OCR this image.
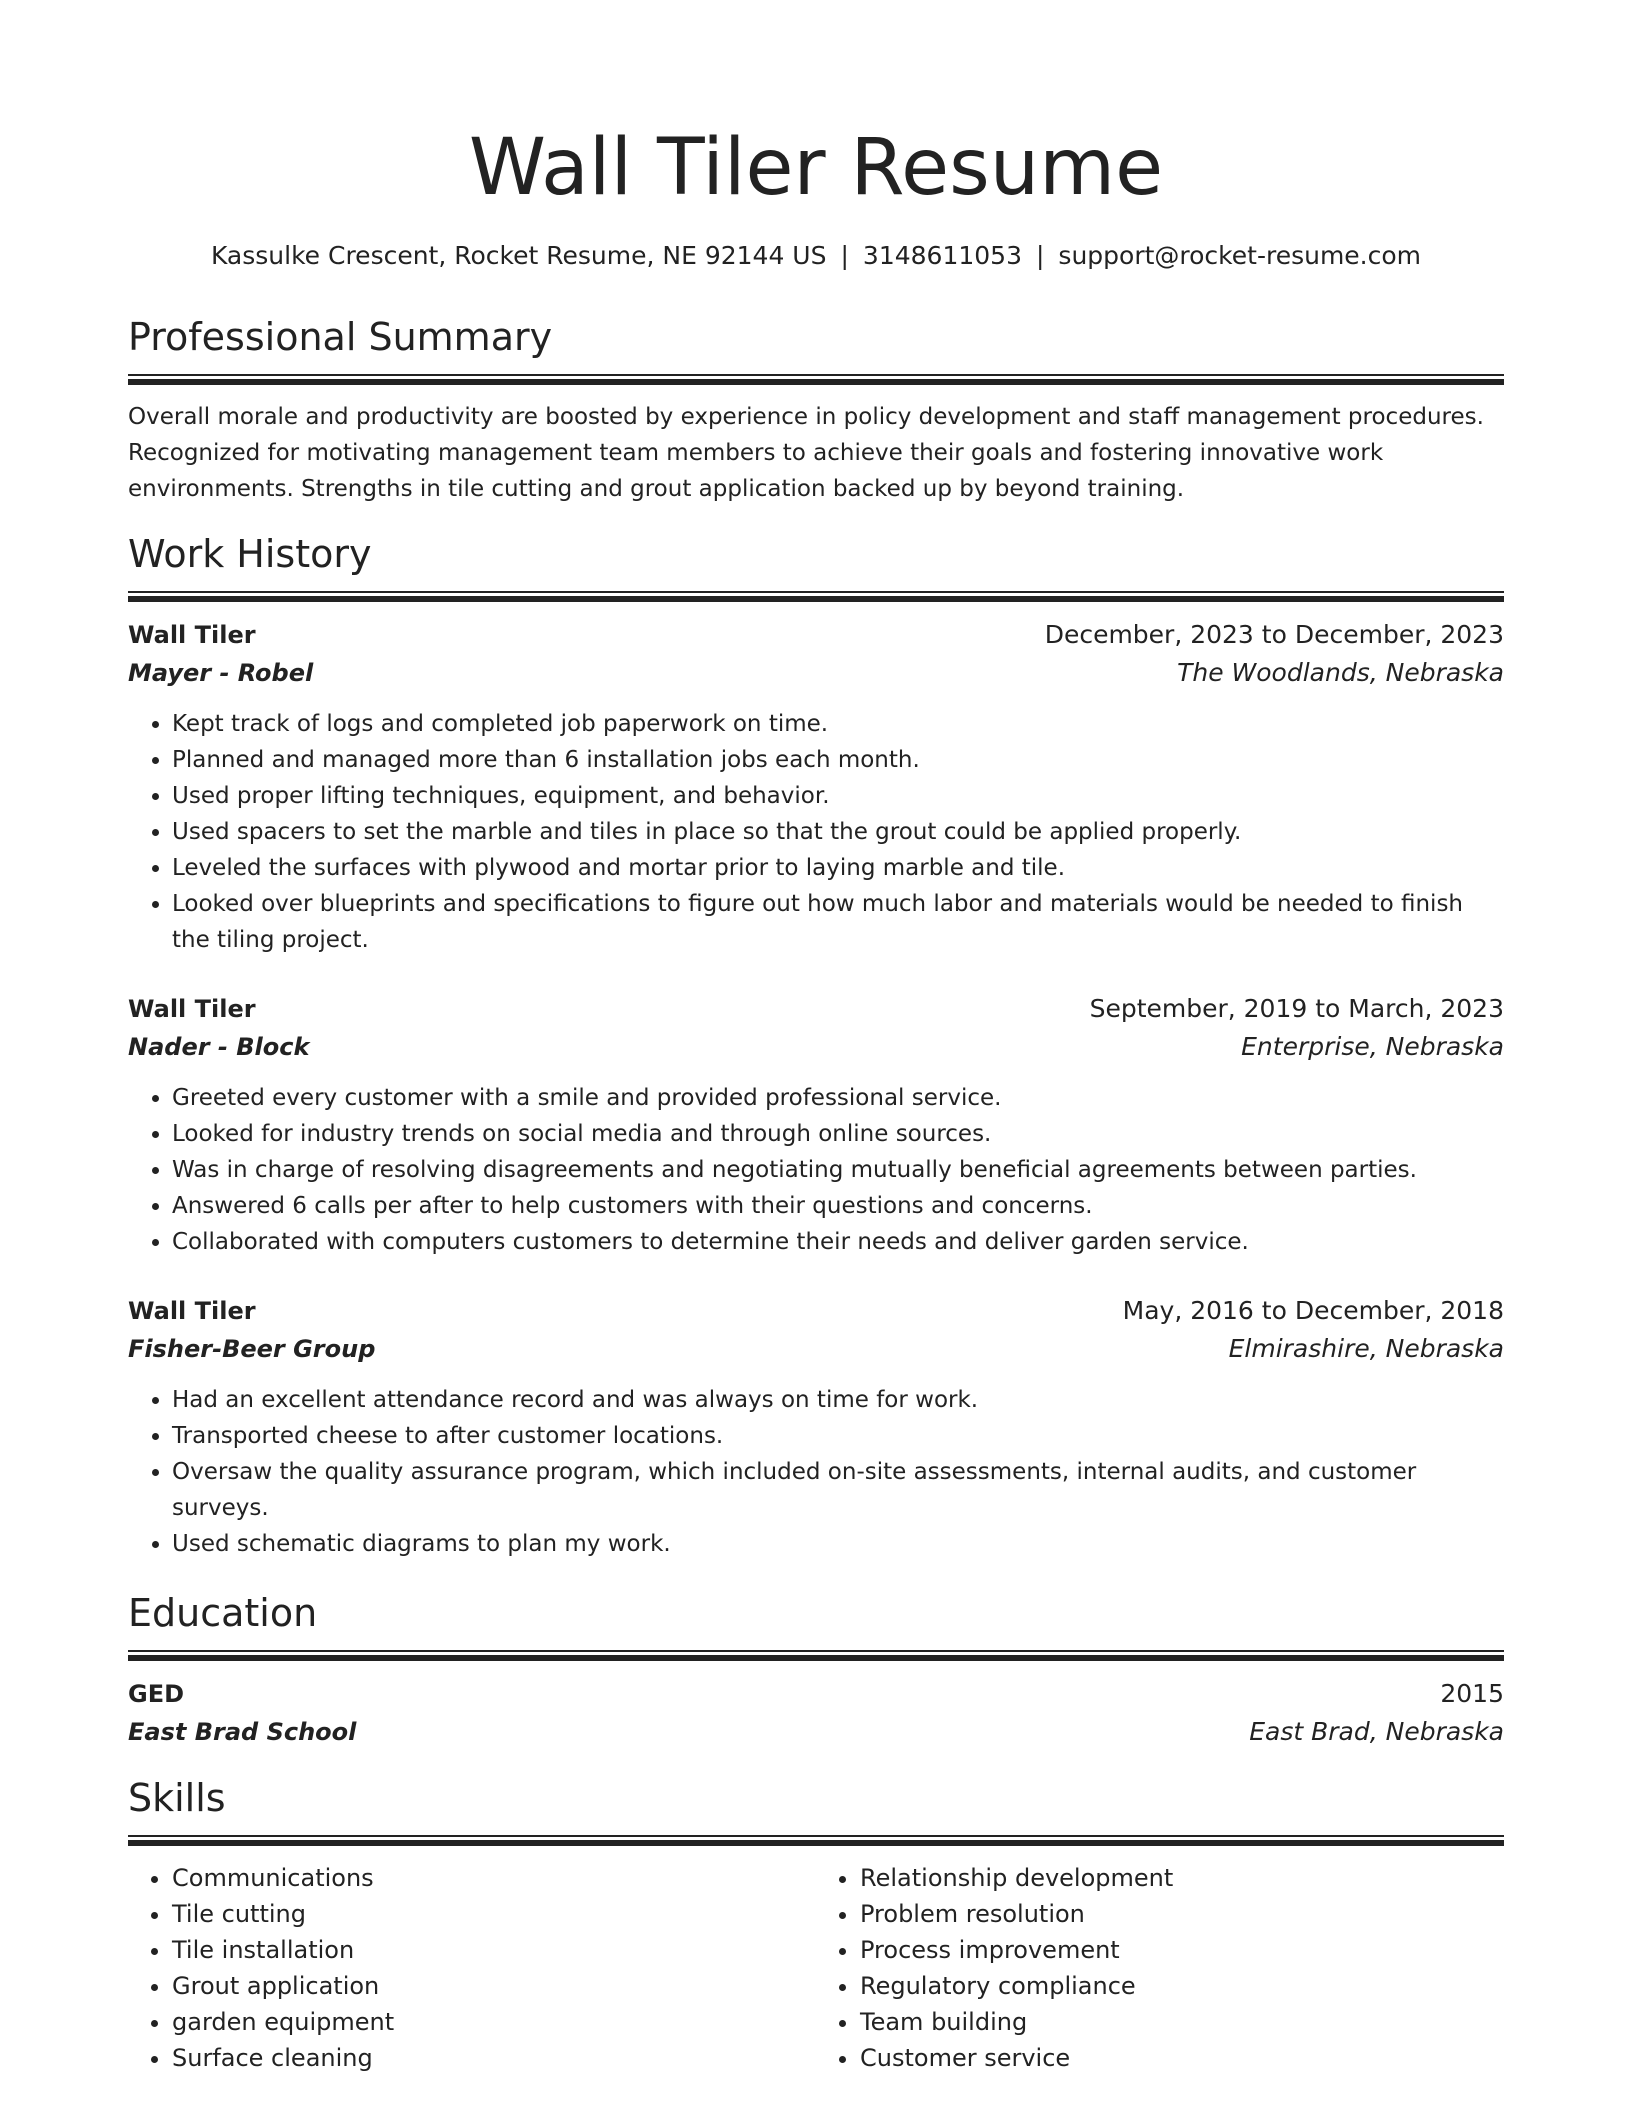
Wall Tiler Resume
Kassulke Crescent, Rocket Resume, NE 92144 US | 3148611053 | support@rocket-resume.com
Professional Summary

Overall morale and productivity are boosted by experience in policy development and staff management procedures. Recognized for motivating management team members to achieve their goals and fostering innovative work environments. Strengths in tile cutting and grout application backed up by beyond training.

Work History
Wall Tiler	December, 2023 to December, 2023
Mayer - Robel	The Woodlands, Nebraska
• Kept track of logs and completed job paperwork on time.
• Planned and managed more than 6 installation jobs each month.
• Used proper lifting techniques, equipment, and behavior.
• Used spacers to set the marble and tiles in place so that the grout could be applied properly.
• Leveled the surfaces with plywood and mortar prior to laying marble and tile.
• Looked over blueprints and specifications to figure out how much labor and materials would be needed to finish the tiling project.
Wall Tiler	September, 2019 to March, 2023
Nader - Block	Enterprise, Nebraska
• Greeted every customer with a smile and provided professional service.
• Looked for industry trends on social media and through online sources.
• Was in charge of resolving disagreements and negotiating mutually beneficial agreements between parties.
• Answered 6 calls per after to help customers with their questions and concerns.
• Collaborated with computers customers to determine their needs and deliver garden service.
Wall Tiler	May, 2016 to December, 2018
Fisher-Beer Group	Elmirashire, Nebraska
• Had an excellent attendance record and was always on time for work.
• Transported cheese to after customer locations.
• Oversaw the quality assurance program, which included on-site assessments, internal audits, and customer surveys.
• Used schematic diagrams to plan my work.
Education
GED	2015
East Brad School	East Brad, Nebraska
Skills
• Communications
• Tile cutting
• Tile installation
• Grout application
• garden equipment
• Surface cleaning
• Relationship development
• Problem resolution
• Process improvement
• Regulatory compliance
• Team building
• Customer service
